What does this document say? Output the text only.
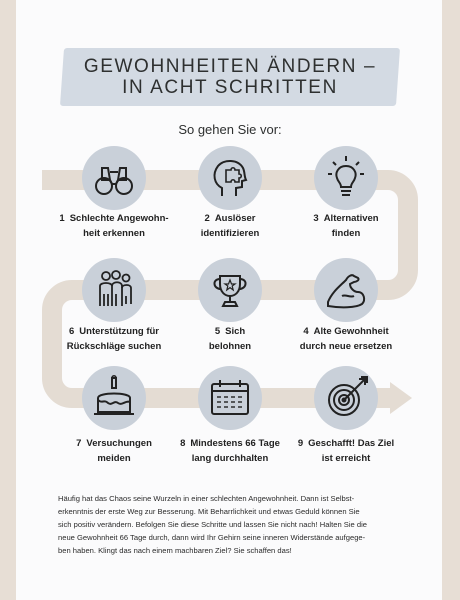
GEWOHNHEITEN ÄNDERN –
IN ACHT SCHRITTEN
So gehen Sie vor:
1 Schlechte Angewohn-
heit erkennen
2 Auslöser
identifizieren
3 Alternativen
finden
6 Unterstützung für
Rückschläge suchen
5 Sich
belohnen
4 Alte Gewohnheit
durch neue ersetzen
7 Versuchungen
meiden
8 Mindestens 66 Tage
lang durchhalten
9 Geschafft! Das Ziel
ist erreicht
Häufig hat das Chaos seine Wurzeln in einer schlechten Angewohnheit. Dann ist Selbst-
erkenntnis der erste Weg zur Besserung. Mit Beharrlichkeit und etwas Geduld können Sie
sich positiv verändern. Befolgen Sie diese Schritte und lassen Sie nicht nach! Halten Sie die
neue Gewohnheit 66 Tage durch, dann wird Ihr Gehirn seine inneren Widerstände aufgege-
ben haben. Klingt das nach einem machbaren Ziel? Sie schaffen das!
